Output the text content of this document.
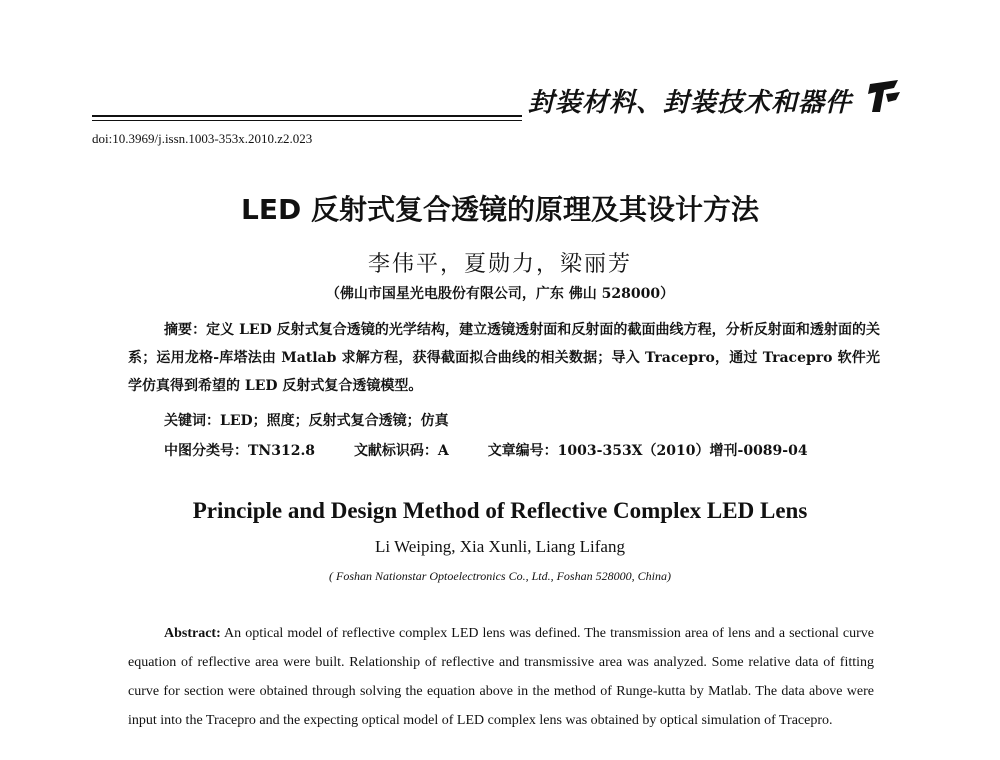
封装材料、封装技术和器件
doi:10.3969/j.issn.1003-353x.2010.z2.023
LED 反射式复合透镜的原理及其设计方法
李伟平，夏勋力，梁丽芳
（佛山市国星光电股份有限公司，广东 佛山 528000）
摘要：定义 LED 反射式复合透镜的光学结构，建立透镜透射面和反射面的截面曲线方程，分析反射面和透射面的关系；运用龙格-库塔法由 Matlab 求解方程，获得截面拟合曲线的相关数据；导入 Tracepro，通过 Tracepro 软件光学仿真得到希望的 LED 反射式复合透镜模型。
关键词：LED；照度；反射式复合透镜；仿真
中图分类号：TN312.8	文献标识码：A	文章编号：1003-353X（2010）增刊-0089-04
Principle and Design Method of Reflective Complex LED Lens
Li Weiping, Xia Xunli, Liang Lifang
( Foshan Nationstar Optoelectronics Co., Ltd., Foshan 528000, China)
Abstract: An optical model of reflective complex LED lens was defined. The transmission area of lens and a sectional curve equation of reflective area were built. Relationship of reflective and transmissive area was analyzed. Some relative data of fitting curve for section were obtained through solving the equation above in the method of Runge-kutta by Matlab. The data above were input into the Tracepro and the expecting optical model of LED complex lens was obtained by optical simulation of Tracepro.
